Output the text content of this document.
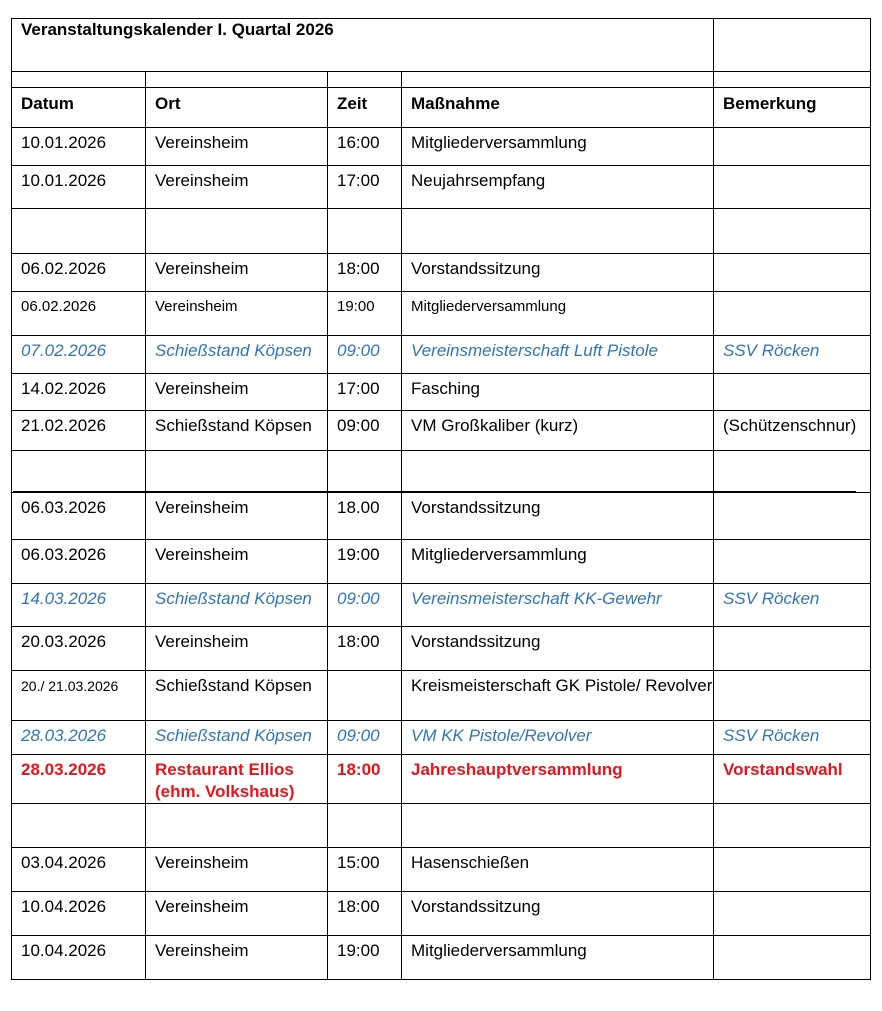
Veranstaltungskalender I. Quartal 2026				

Datum	Ort	Zeit	Maßnahme	Bemerkung
10.01.2026	Vereinsheim	16:00	Mitgliederversammlung	
10.01.2026	Vereinsheim	17:00	Neujahrsempfang	

06.02.2026	Vereinsheim	18:00	Vorstandssitzung	
06.02.2026	Vereinsheim	19:00	Mitgliederversammlung	
07.02.2026	Schießstand Köpsen	09:00	Vereinsmeisterschaft Luft Pistole	SSV Röcken
14.02.2026	Vereinsheim	17:00	Fasching	
21.02.2026	Schießstand Köpsen	09:00	VM Großkaliber (kurz)	(Schützenschnur)

06.03.2026	Vereinsheim	18.00	Vorstandssitzung	
06.03.2026	Vereinsheim	19:00	Mitgliederversammlung	
14.03.2026	Schießstand Köpsen	09:00	Vereinsmeisterschaft KK-Gewehr	SSV Röcken
20.03.2026	Vereinsheim	18:00	Vorstandssitzung	
20./ 21.03.2026	Schießstand Köpsen		Kreismeisterschaft GK Pistole/ Revolver	
28.03.2026	Schießstand Köpsen	09:00	VM KK Pistole/Revolver	SSV Röcken
28.03.2026	Restaurant Ellios (ehm. Volkshaus)	18:00	Jahreshauptversammlung	Vorstandswahl

03.04.2026	Vereinsheim	15:00	Hasenschießen	
10.04.2026	Vereinsheim	18:00	Vorstandssitzung	
10.04.2026	Vereinsheim	19:00	Mitgliederversammlung	
